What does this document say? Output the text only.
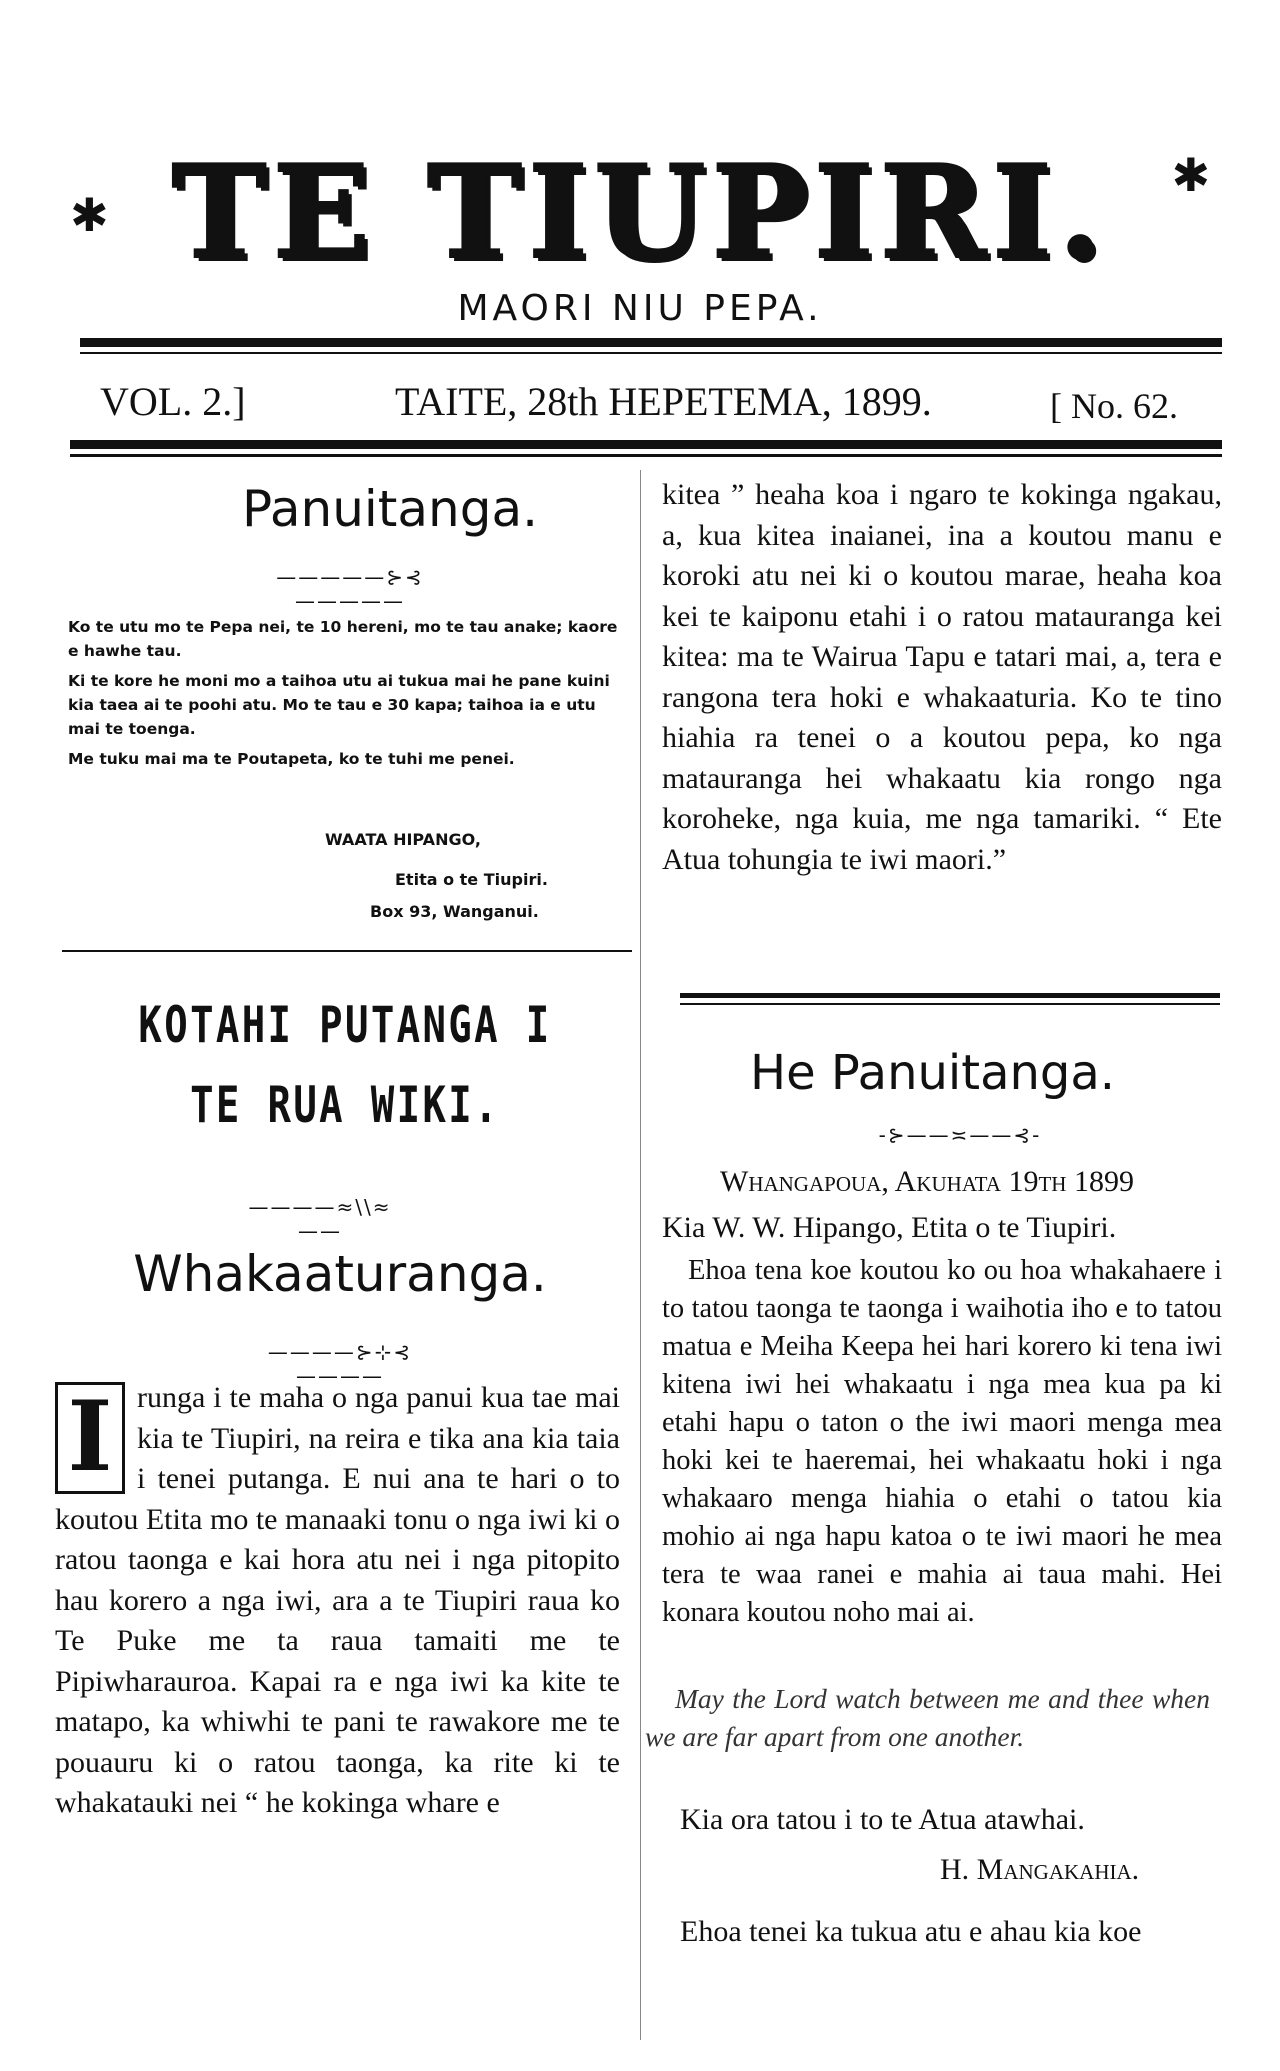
✱ TE TIUPIRI.	✱
MAORI NIU PEPA.
VOL. 2.]	TAITE, 28th HEPETEMA, 1899.	[ No. 62.
Panuitanga.
—————⊱⊰—————
Ko te utu mo te Pepa nei, te 10 hereni, mo te tau anake; kaore e hawhe tau.
Ki te kore he moni mo a taihoa utu ai tukua mai he pane kuini kia taea ai te poohi atu. Mo te tau e 30 kapa; taihoa ia e utu mai te toenga.
Me tuku mai ma te Poutapeta, ko te tuhi me penei.
WAATA HIPANGO,
Etita o te Tiupiri.
Box 93, Wanganui.
KOTAHI PUTANGA I TE RUA WIKI.
————≈\\≈——
Whakaaturanga.
————⊱⊹⊰————
I runga i te maha o nga panui kua tae mai kia te Tiupiri, na reira e tika ana kia taia i tenei putanga. E nui ana te hari o to koutou Etita mo te manaaki tonu o nga iwi ki o ratou taonga e kai hora atu nei i nga pitopito hau korero a nga iwi, ara a te Tiupiri raua ko Te Puke me ta raua tamaiti me te Pipiwharauroa. Kapai ra e nga iwi ka kite te matapo, ka whiwhi te pani te rawakore me te pouauru ki o ratou taonga, ka rite ki te whakatauki nei “ he kokinga whare e
kitea ” heaha koa i ngaro te kokinga ngakau, a, kua kitea inaianei, ina a koutou manu e koroki atu nei ki o koutou marae, heaha koa kei te kaiponu etahi i o ratou matauranga kei kitea: ma te Wairua Tapu e tatari mai, a, tera e rangona tera hoki e whakaaturia. Ko te tino hiahia ra tenei o a koutou pepa, ko nga matauranga hei whakaatu kia rongo nga koroheke, nga kuia, me nga tamariki. “ Ete Atua tohungia te iwi maori.”
He Panuitanga.
-⊱——≍——⊰-
Whangapoua, Akuhata 19th 1899
Kia W. W. Hipango, Etita o te Tiupiri.
Ehoa tena koe koutou ko ou hoa whakahaere i to tatou taonga te taonga i waihotia iho e to tatou matua e Meiha Keepa hei hari korero ki tena iwi kitena iwi hei whakaatu i nga mea kua pa ki etahi hapu o taton o the iwi maori menga mea hoki kei te haeremai, hei whakaatu hoki i nga whakaaro menga hiahia o etahi o tatou kia mohio ai nga hapu katoa o te iwi maori he mea tera te waa ranei e mahia ai taua mahi. Hei konara koutou noho mai ai.
May the Lord watch between me and thee when we are far apart from one another.
Kia ora tatou i to te Atua atawhai.
H. Mangakahia.
Ehoa tenei ka tukua atu e ahau kia koe
